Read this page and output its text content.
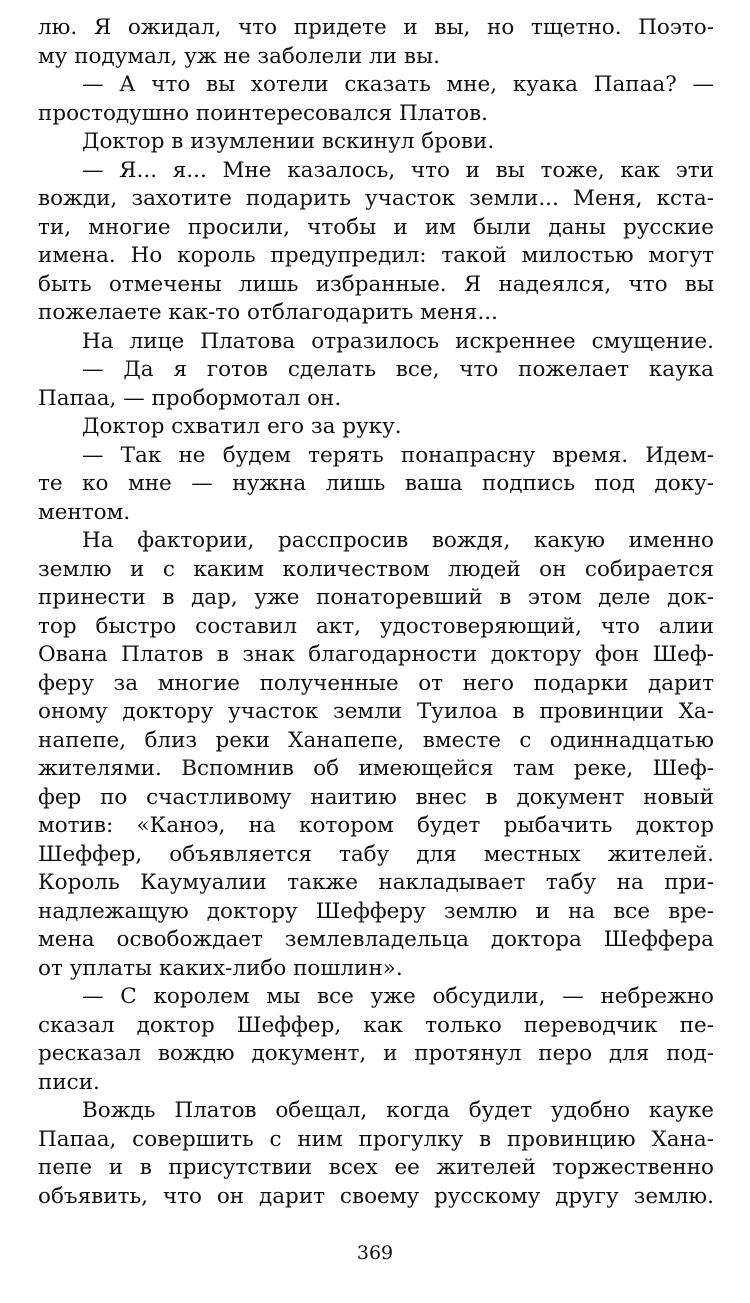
лю. Я ожидал, что придете и вы, но тщетно. Поэто-
му подумал, уж не заболели ли вы.
— А что вы хотели сказать мне, куака Папаа? —
простодушно поинтересовался Платов.
Доктор в изумлении вскинул брови.
— Я... я... Мне казалось, что и вы тоже, как эти
вожди, захотите подарить участок земли... Меня, кста-
ти, многие просили, чтобы и им были даны русские
имена. Но король предупредил: такой милостью могут
быть отмечены лишь избранные. Я надеялся, что вы
пожелаете как-то отблагодарить меня...
На лице Платова отразилось искреннее смущение.
— Да я готов сделать все, что пожелает каука
Папаа, — пробормотал он.
Доктор схватил его за руку.
— Так не будем терять понапрасну время. Идем-
те ко мне — нужна лишь ваша подпись под доку-
ментом.
На фактории, расспросив вождя, какую именно
землю и с каким количеством людей он собирается
принести в дар, уже понаторевший в этом деле док-
тор быстро составил акт, удостоверяющий, что алии
Ована Платов в знак благодарности доктору фон Шеф-
феру за многие полученные от него подарки дарит
оному доктору участок земли Туилоа в провинции Ха-
напепе, близ реки Ханапепе, вместе с одиннадцатью
жителями. Вспомнив об имеющейся там реке, Шеф-
фер по счастливому наитию внес в документ новый
мотив: «Каноэ, на котором будет рыбачить доктор
Шеффер, объявляется табу для местных жителей.
Король Каумуалии также накладывает табу на при-
надлежащую доктору Шефферу землю и на все вре-
мена освобождает землевладельца доктора Шеффера
от уплаты каких-либо пошлин».
— С королем мы все уже обсудили, — небрежно
сказал доктор Шеффер, как только переводчик пе-
ресказал вождю документ, и протянул перо для под-
писи.
Вождь Платов обещал, когда будет удобно кауке
Папаа, совершить с ним прогулку в провинцию Хана-
пепе и в присутствии всех ее жителей торжественно
объявить, что он дарит своему русскому другу землю.
369
